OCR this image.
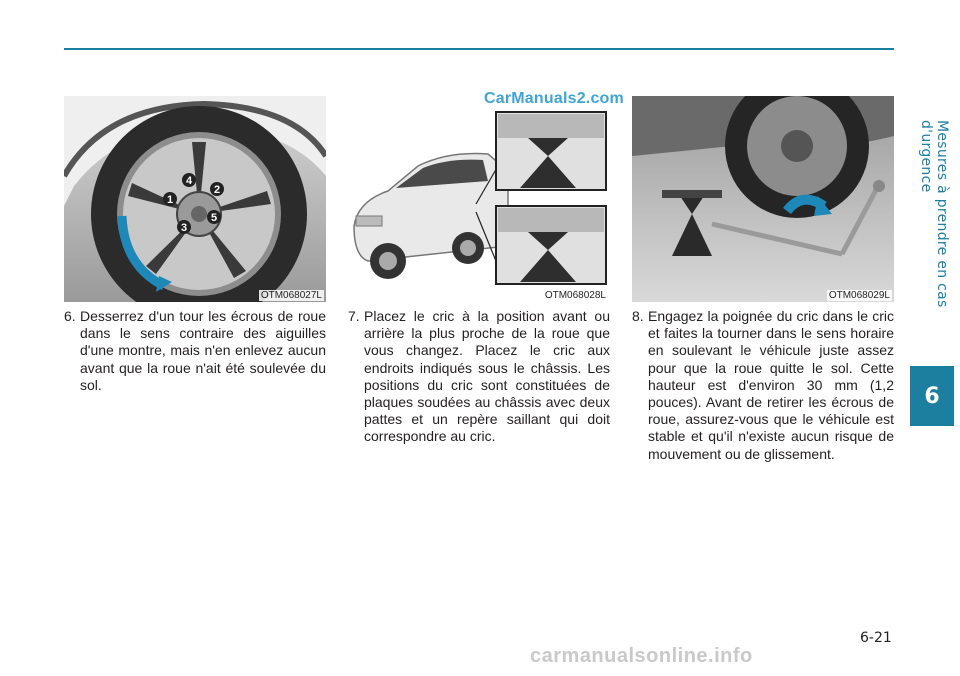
Mesures à prendre en cas d'urgence
6
4
2
1
5
3
OTM068027L	OTM068028L	OTM068029L
6. Desserrez d'un tour les écrous de roue dans le sens contraire des aiguilles d'une montre, mais n'en enlevez aucun avant que la roue n'ait été soulevée du sol.
7. Placez le cric à la position avant ou arrière la plus proche de la roue que vous changez. Placez le cric aux endroits indiqués sous le châssis. Les positions du cric sont constituées de plaques soudées au châssis avec deux pattes et un repère saillant qui doit correspondre au cric.
8. Engagez la poignée du cric dans le cric et faites la tourner dans le sens horaire en soulevant le véhicule juste assez pour que la roue quitte le sol. Cette hauteur est d'environ 30 mm (1,2 pouces). Avant de retirer les écrous de roue, assurez-vous que le véhicule est stable et qu'il n'existe aucun risque de mouvement ou de glissement.
6-21
CarManuals2.com
carmanualsonline.info
